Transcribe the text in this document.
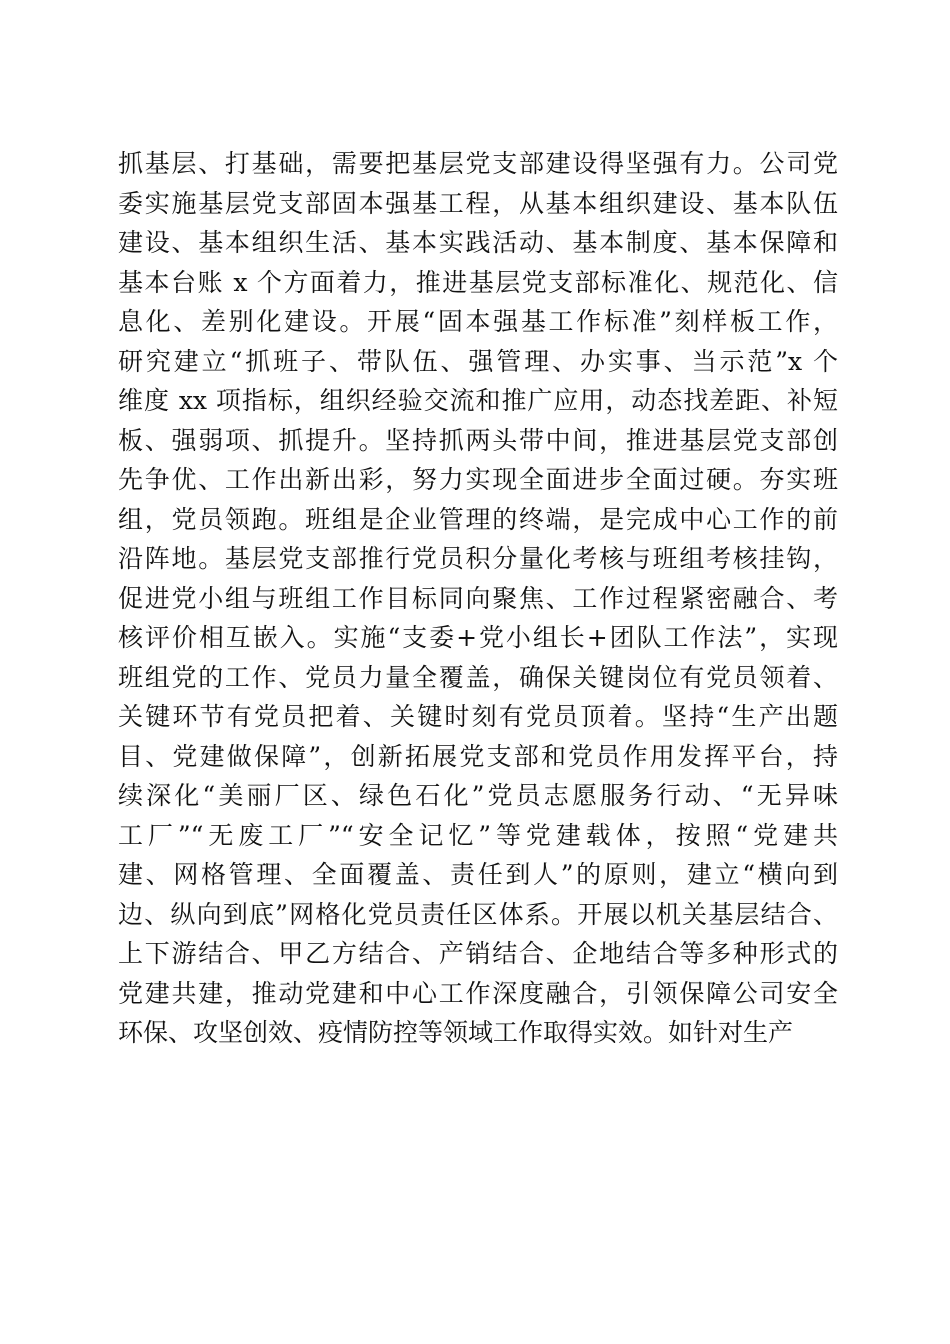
抓基层、打基础，需要把基层党支部建设得坚强有力。公司党
委实施基层党支部固本强基工程，从基本组织建设、基本队伍
建设、基本组织生活、基本实践活动、基本制度、基本保障和
基本台账 x 个方面着力，推进基层党支部标准化、规范化、信
息化、差别化建设。开展“固本强基工作标准”刻样板工作，
研究建立“抓班子、带队伍、强管理、办实事、当示范”x 个
维度 xx 项指标，组织经验交流和推广应用，动态找差距、补短
板、强弱项、抓提升。坚持抓两头带中间，推进基层党支部创
先争优、工作出新出彩，努力实现全面进步全面过硬。夯实班
组，党员领跑。班组是企业管理的终端，是完成中心工作的前
沿阵地。基层党支部推行党员积分量化考核与班组考核挂钩，
促进党小组与班组工作目标同向聚焦、工作过程紧密融合、考
核评价相互嵌入。实施“支委+党小组长+团队工作法”，实现
班组党的工作、党员力量全覆盖，确保关键岗位有党员领着、
关键环节有党员把着、关键时刻有党员顶着。坚持“生产出题
目、党建做保障”，创新拓展党支部和党员作用发挥平台，持
续深化“美丽厂区、绿色石化”党员志愿服务行动、“无异味
工厂”“无废工厂”“安全记忆”等党建载体，按照“党建共
建、网格管理、全面覆盖、责任到人”的原则，建立“横向到
边、纵向到底”网格化党员责任区体系。开展以机关基层结合、
上下游结合、甲乙方结合、产销结合、企地结合等多种形式的
党建共建，推动党建和中心工作深度融合，引领保障公司安全
环保、攻坚创效、疫情防控等领域工作取得实效。如针对生产
